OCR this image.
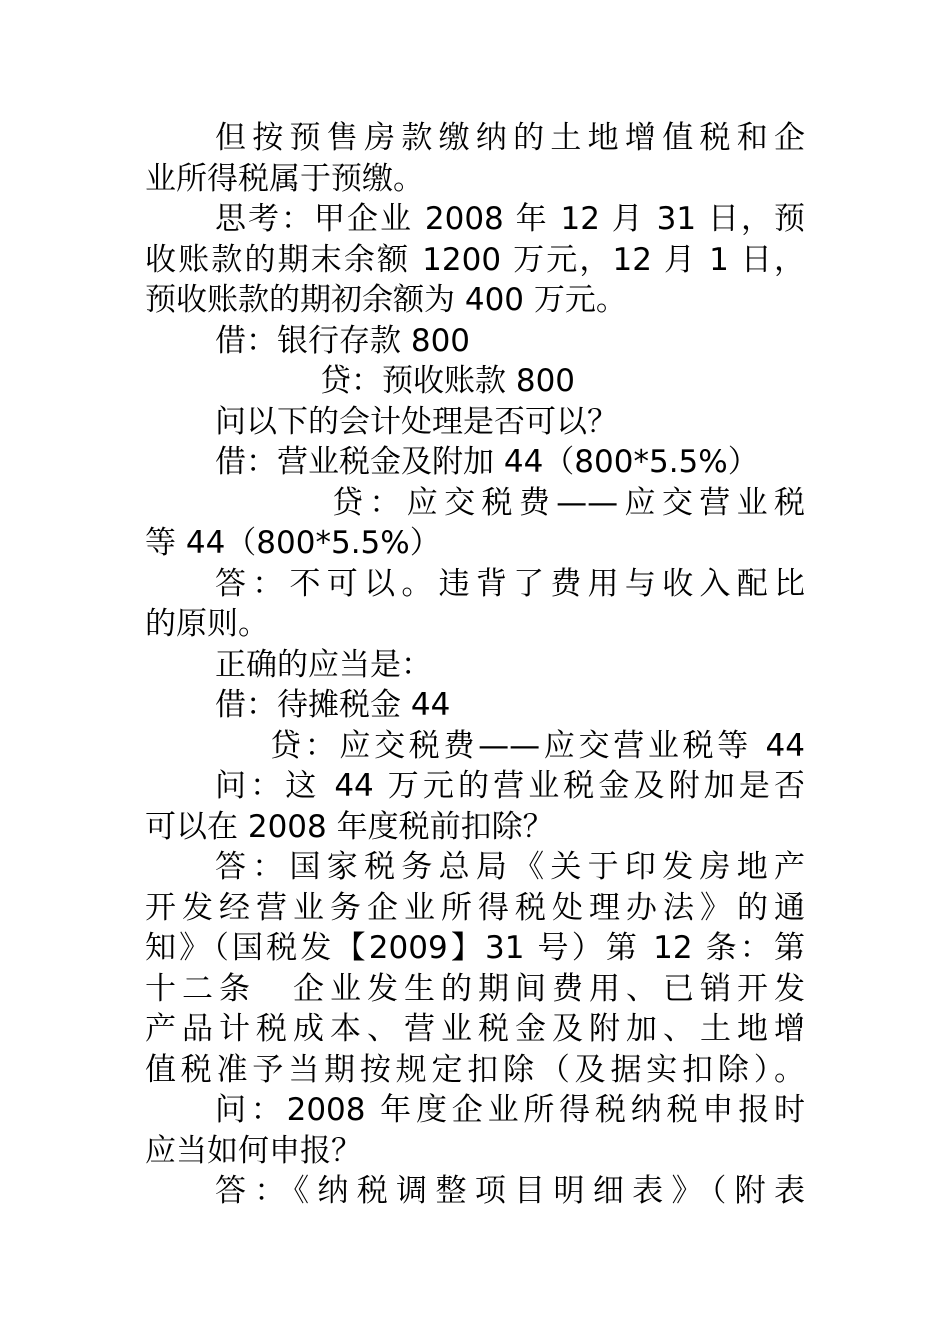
但按预售房款缴纳的土地增值税和企
业所得税属于预缴。
思考：甲企业 2008 年 12 月 31 日，预
收账款的期末余额 1200 万元，12 月 1 日，
预收账款的期初余额为 400 万元。
借：银行存款 800
贷：预收账款 800
问以下的会计处理是否可以？
借：营业税金及附加 44（800*5.5%）
贷：应交税费——应交营业税
等 44（800*5.5%）
答：不可以。违背了费用与收入配比
的原则。
正确的应当是：
借：待摊税金 44
贷：应交税费——应交营业税等 44
问：这 44 万元的营业税金及附加是否
可以在 2008 年度税前扣除？
答：国家税务总局《关于印发房地产
开发经营业务企业所得税处理办法》的通
知》（国税发【2009】31 号）第 12 条：第
十二条　企业发生的期间费用、已销开发
产品计税成本、营业税金及附加、土地增
值税准予当期按规定扣除（及据实扣除）。
问：2008 年度企业所得税纳税申报时
应当如何申报？
答：《纳税调整项目明细表》（附表
